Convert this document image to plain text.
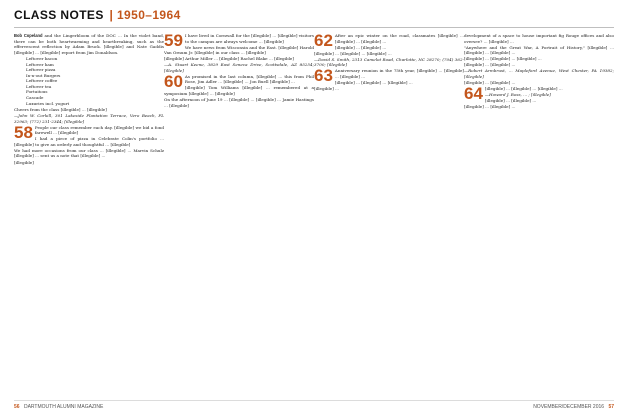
CLASS NOTES | 1950–1964

Bob Copeland and the Lingerbloom of the DOC ... In the violet band, there can be both heartwarming and heartbreaking, such as the effervescent reflection by Adam Bruck. [illegible] and Nate Gaddis [illegible] ... [illegible] report from Jim Donaldson.

Leftover bacon
Leftover ham
Leftover pizza
In-n-out Burgers
Leftover coffee
Leftover tea
Fortuitous
Cascade
Luxuries incl. yogurt

Cheers from the class [illegible] ... [illegible]

—John W. Corkill, 301 Lakeside Plantation Terrace, Vero Beach, FL 32963; (772) 231-2344; [illegible]

58 People our class remember each day. [illegible] we bid a fond farewell ... [illegible]

I had a piece of pizza in Celebrate Colin's portfolio ... [illegible] to give an orderly and thoughtful ... [illegible]

We had more occasions from our class ... [illegible] ... Marvin Schulz [illegible] ... sent us a note that [illegible] ...

[illegible]

59 I have lived in Cornwall for the [illegible] ... [illegible] visitors to the campus are always welcome ... [illegible]

We have news from Wisconsin and the East. [illegible] Harold Van Ornum Jr. [illegible] in our class ... [illegible]

[illegible] Arthur Miller ... [illegible] Rachel Blake ... [illegible]

—A. Stuart Keene, 3829 East Seneca Drive, Scottsdale, AZ 85254; [illegible]

60 As promised in the last column, [illegible] ... this from Phil Rose, Jim Adler ... [illegible] ... Jon Buell [illegible] ...

[illegible] Tom Williams [illegible] ... remembered at a symposium [illegible] ... [illegible]

On the afternoon of June 19 ... [illegible] ... [illegible] ... Jamie Hastings ... [illegible]

62 After an epic winter on the road, classmates [illegible] ... [illegible] ... [illegible] ...

[illegible] ... [illegible] ...

[illegible] ... [illegible] ... [illegible] ...

—David S. Smith, 2313 Camelot Road, Charlotte, NC 28270; (704) 362-3700; [illegible]

63 Anniversary reunion in the 75th year, [illegible] ... [illegible] ... [illegible] ...

[illegible] ... [illegible] ... [illegible] ...

[illegible] ...

development of a space to house important fig Rouge offices and also oversee? ... [illegible] ...

"Anywhere and the Great War, A Portrait of History," [illegible] ... [illegible] ... [illegible] ...

[illegible] ... [illegible] ... [illegible] ...

[illegible] ... [illegible] ...

—Robert Armbrust, ... Mapleford Avenue, West Chester, PA 19382; [illegible]

[illegible] ... [illegible] ...

64 [illegible] ... [illegible] ... [illegible] ...

—Howard J. Ross, ... ; [illegible]

[illegible] ... [illegible] ...

[illegible] ... [illegible] ...

56 DARTMOUTH ALUMNI MAGAZINE	NOVEMBER/DECEMBER 2016 57
